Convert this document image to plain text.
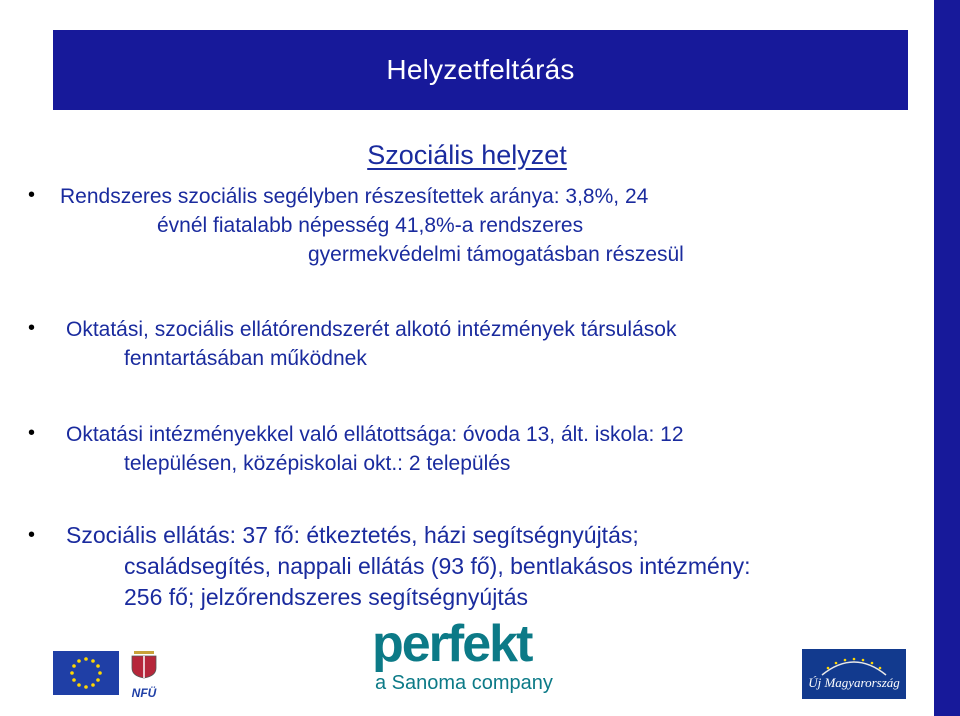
Helyzetfeltárás
Szociális helyzet
• Rendszeres szociális segélyben részesítettek aránya: 3,8%, 24
évnél fiatalabb népesség 41,8%-a rendszeres
gyermekvédelmi támogatásban részesül
• Oktatási, szociális ellátórendszerét alkotó intézmények társulások
fenntartásában működnek
• Oktatási intézményekkel való ellátottsága: óvoda 13, ált. iskola: 12
településen, középiskolai okt.: 2 település
• Szociális ellátás: 37 fő: étkeztetés, házi segítségnyújtás;
családsegítés, nappali ellátás (93 fő), bentlakásos intézmény:
256 fő; jelzőrendszeres segítségnyújtás
NFÜ
perfekt
a Sanoma company	Új Magyarország
